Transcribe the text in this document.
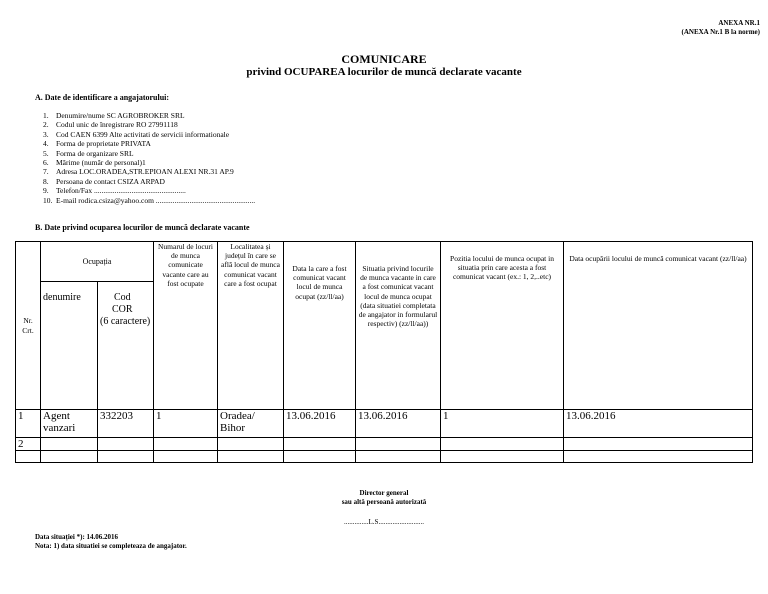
ANEXA NR.1
(ANEXA Nr.1 B la norme)
COMUNICARE
privind OCUPAREA locurilor de muncă declarate vacante
A. Date de identificare a angajatorului:
1. Denumire/nume SC AGROBROKER SRL
2. Codul unic de înregistrare RO 27991118
3. Cod CAEN 6399 Alte activitati de servicii informationale
4. Forma de proprietate PRIVATA
5. Forma de organizare SRL
6. Mărime (număr de personal)1
7. Adresa LOC.ORADEA,STR.EPIOAN ALEXI NR.31 AP.9
8. Persoana de contact CSIZA ARPAD
9. Telefon/Fax .................................................
10. E-mail rodica.csiza@yahoo.com .....................................................
B. Date privind ocuparea locurilor de muncă declarate vacante
Nr. Crt.	Ocupația		Numarul de locuri de munca comunicate vacante care au fost ocupate	Localitatea și județul în care se află locul de munca comunicat vacant care a fost ocupat	Data la care a fost comunicat vacant locul de munca ocupat (zz/ll/aa)	Situatia privind locurile de munca vacante in care a fost comunicat vacant locul de munca ocupat (data situatiei completata de angajator in formularul respectiv) (zz/ll/aa))	Pozitia locului de munca ocupat in situatia prin care acesta a fost comunicat vacant (ex.: 1, 2,..etc)	Data ocupării locului de muncă comunicat vacant (zz/ll/aa)
	denumire	Cod
COR
(6 caractere)						

1	Agent vanzari	332203	1	Oradea/ Bihor	13.06.2016	13.06.2016	1	13.06.2016
2								

Director general
sau altă persoană autorizată
..............L.S..........................
Data situației *): 14.06.2016
Nota: 1) data situatiei se completeaza de angajator.
